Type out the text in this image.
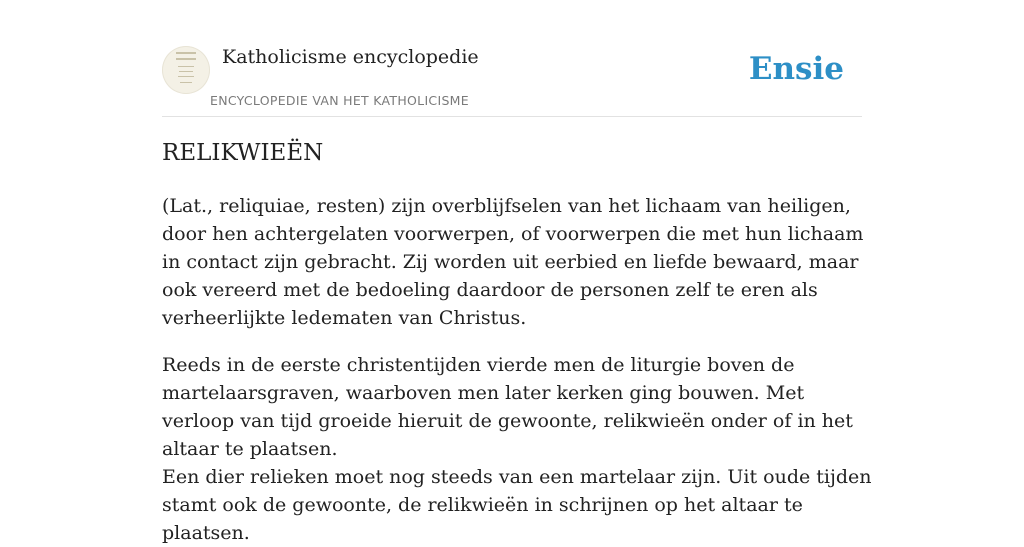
Katholicisme encyclopedie
ENCYCLOPEDIE VAN HET KATHOLICISME
Ensie
RELIKWIEËN

(Lat., reliquiae, resten) zijn overblijfselen van het lichaam van heiligen, door hen achtergelaten voorwerpen, of voorwerpen die met hun lichaam in contact zijn gebracht. Zij worden uit eerbied en liefde bewaard, maar ook vereerd met de bedoeling daardoor de personen zelf te eren als verheerlijkte ledematen van Christus.

Reeds in de eerste christentijden vierde men de liturgie boven de martelaarsgraven, waarboven men later kerken ging bouwen. Met verloop van tijd groeide hieruit de gewoonte, relikwieën onder of in het altaar te plaatsen.

Een dier relieken moet nog steeds van een martelaar zijn. Uit oude tijden stamt ook de gewoonte, de relikwieën in schrijnen op het altaar te plaatsen.
